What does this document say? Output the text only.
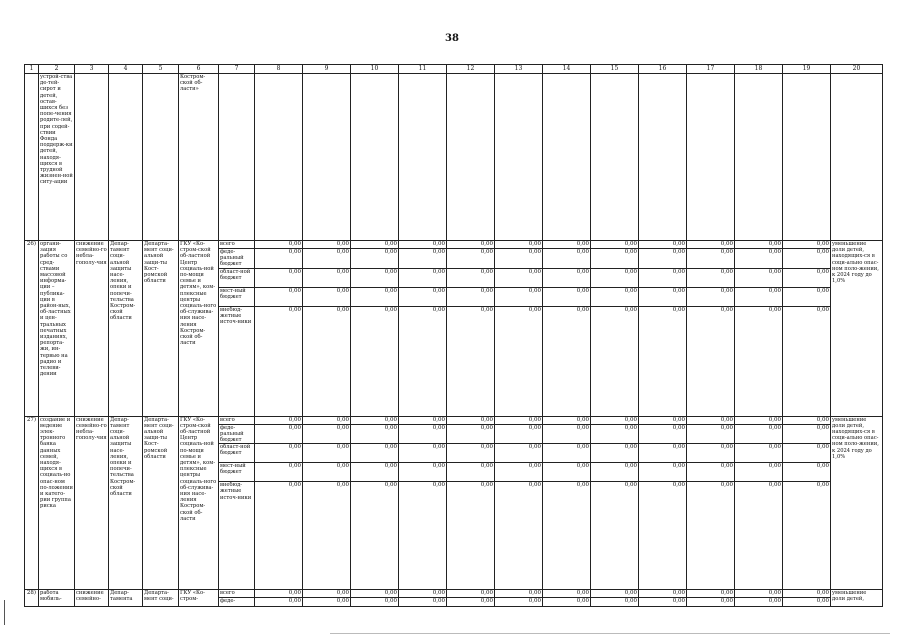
38
1	2	3	4	5	6	7	8	9	10	11	12	13	14	15	16	17	18	19	20
	устрой-ства де-тей-сирот и детей, остав-шихся без попе-чения родите-лей, при содей-ствии Фонда поддерж-ки детей, находя-щихся в трудной жизнен-ной ситу-ации				Костром-ской об-ласти»														
26)	органи-зация работы со сред-ствами массовой информа-ции – публика-ции в район-ных, об-ластных и цен-тральных печатных изданиях, репорта-жи, ин-тервью на радио и телеви-дении	снижение семейно-го небла-гополу-чия	Депар-тамент соци-альной защиты насе-ления, опеки и попечи-тельства Костром-ской области	Департа-мент соци-альной защи-ты Кост-ромской области	ГКУ «Ко-стром-ской об-ластной Центр социаль-ной по-мощи семье и детям», ком-плексные центры социаль-ного об-служива-ния насе-ления Костром-ской об-ласти	всего	0,00	0,00	0,00	0,00	0,00	0,00	0,00	0,00	0,00	0,00	0,00	0,00	уменьшение доли детей, находящих-ся в соци-ально опас-ном поло-жении, к 2024 году до 1,0%
						феде-ральный бюджет	0,00	0,00	0,00	0,00	0,00	0,00	0,00	0,00	0,00	0,00	0,00	0,00	
						област-ной бюджет	0,00	0,00	0,00	0,00	0,00	0,00	0,00	0,00	0,00	0,00	0,00	0,00	
						мест-ный бюджет	0,00	0,00	0,00	0,00	0,00	0,00	0,00	0,00	0,00	0,00	0,00	0,00	
						внебюд-жетные источ-ники	0,00	0,00	0,00	0,00	0,00	0,00	0,00	0,00	0,00	0,00	0,00	0,00	
27)	создание и ведение элек-тронного банка данных семей, находя-щихся в социаль-но опас-ном по-ложении и катего-рии группа риска	снижение семейно-го небла-гополу-чия	Депар-тамент соци-альной защиты насе-ления, опеки и попечи-тельства Костром-ской области	Департа-мент соци-альной защи-ты Кост-ромской области	ГКУ «Ко-стром-ской об-ластной Центр социаль-ной по-мощи семье и детям», ком-плексные центры социаль-ного об-служива-ния насе-ления Костром-ской об-ласти	всего	0,00	0,00	0,00	0,00	0,00	0,00	0,00	0,00	0,00	0,00	0,00	0,00	уменьшение доли детей, находящих-ся в соци-ально опас-ном поло-жении, к 2024 году до 1,0%
						феде-ральный бюджет	0,00	0,00	0,00	0,00	0,00	0,00	0,00	0,00	0,00	0,00	0,00	0,00	
						област-ной бюджет	0,00	0,00	0,00	0,00	0,00	0,00	0,00	0,00	0,00	0,00	0,00	0,00	
						мест-ный бюджет	0,00	0,00	0,00	0,00	0,00	0,00	0,00	0,00	0,00	0,00	0,00	0,00	
						внебюд-жетные источ-ники	0,00	0,00	0,00	0,00	0,00	0,00	0,00	0,00	0,00	0,00	0,00	0,00	
28)	работа мобиль-	снижение семейно-	Депар-тамента	Департа-мент соци-	ГКУ «Ко-стром-	всего	0,00	0,00	0,00	0,00	0,00	0,00	0,00	0,00	0,00	0,00	0,00	0,00	уменьшение доли детей,
						феде-	0,00	0,00	0,00	0,00	0,00	0,00	0,00	0,00	0,00	0,00	0,00	0,00	
